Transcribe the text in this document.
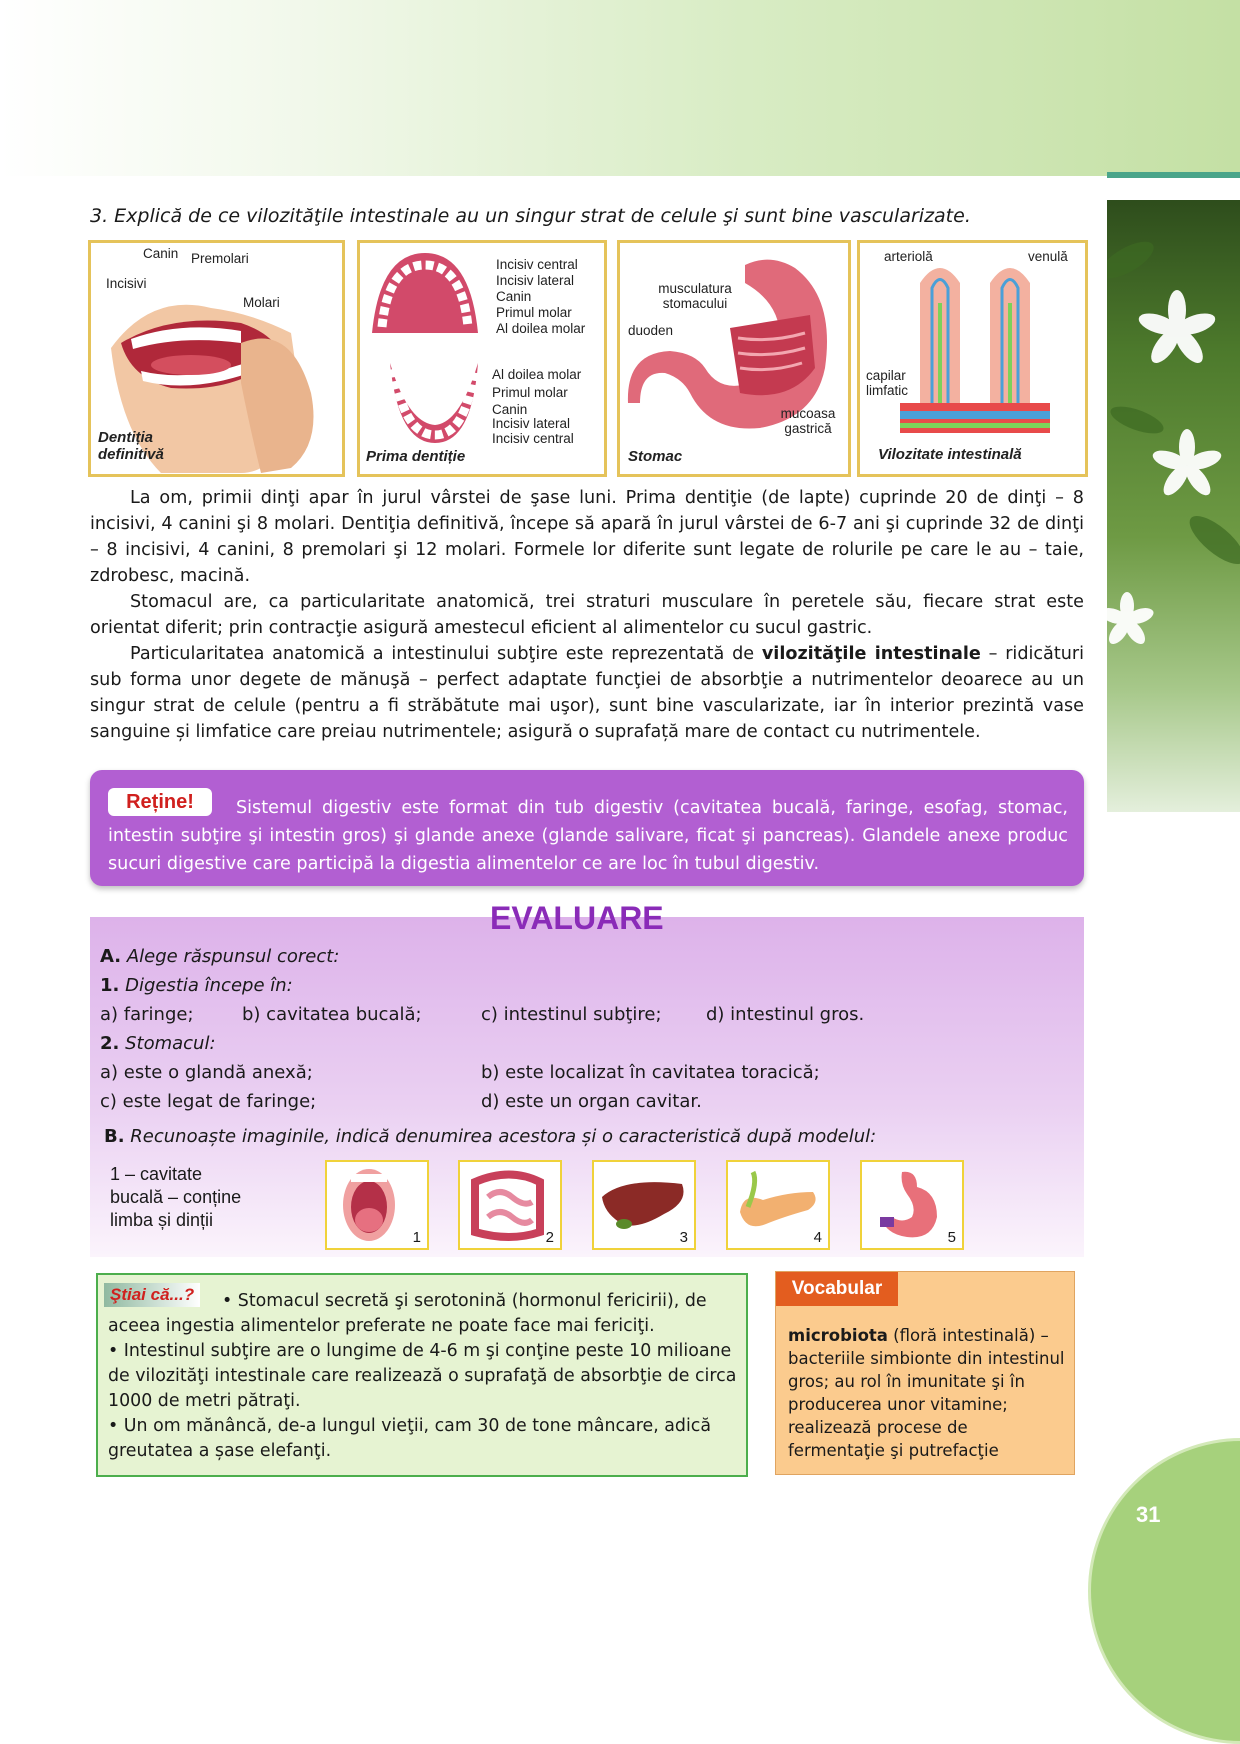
3. Explică de ce vilozităţile intestinale au un singur strat de celule şi sunt bine vascularizate.
Canin Premolari
Incisivi
Molari
Dentiția definitivă
Incisiv central
Incisiv lateral
Canin
Primul molar
Al doilea molar
Al doilea molar
Primul molar
Canin
Incisiv lateral
Incisiv central
Prima dentiție
musculatura stomacului
duoden
mucoasa gastrică
Stomac
arteriolă	venulă
capilar limfatic
Vilozitate intestinală

La om, primii dinţi apar în jurul vârstei de şase luni. Prima dentiţie (de lapte) cuprinde 20 de dinţi – 8 incisivi, 4 canini şi 8 molari. Dentiţia definitivă, începe să apară în jurul vârstei de 6-7 ani şi cuprinde 32 de dinţi – 8 incisivi, 4 canini, 8 premolari şi 12 molari. Formele lor diferite sunt legate de rolurile pe care le au – taie, zdrobesc, macină.

Stomacul are, ca particularitate anatomică, trei straturi musculare în peretele său, fiecare strat este orientat diferit; prin contracţie asigură amestecul eficient al alimentelor cu sucul gastric.

Particularitatea anatomică a intestinului subţire este reprezentată de vilozităţile intestinale – ridicături sub forma unor degete de mănuşă – perfect adaptate funcţiei de absorbţie a nutrimentelor deoarece au un singur strat de celule (pentru a fi străbătute mai uşor), sunt bine vascularizate, iar în interior prezintă vase sanguine și limfatice care preiau nutrimentele; asigură o suprafață mare de contact cu nutrimentele.

Sistemul digestiv este format din tub digestiv (cavitatea bucală, faringe, esofag, stomac, intestin subţire şi intestin gros) şi glande anexe (glande salivare, ficat şi pancreas). Glandele anexe produc sucuri digestive care participă la digestia alimentelor ce are loc în tubul digestiv.
Reține!
EVALUARE
A. Alege răspunsul corect:
1. Digestia începe în:
a) faringe;	b) cavitatea bucală;	c) intestinul subţire; d) intestinul gros.
2. Stomacul:
a) este o glandă anexă;	b) este localizat în cavitatea toracică;
c) este legat de faringe;	d) este un organ cavitar.
B. Recunoaște imaginile, indică denumirea acestora și o caracteristică după modelul:
1 – cavitate
bucală – conține
limba și dinții
1	2	3	4	5
• Stomacul secretă şi serotonină (hormonul fericirii), de aceea ingestia alimentelor preferate ne poate face mai fericiţi.
• Intestinul subţire are o lungime de 4-6 m şi conţine peste 10 milioane de vilozităţi intestinale care realizează o suprafaţă de absorbţie de circa 1000 de metri pătraţi.
• Un om mănâncă, de-a lungul vieţii, cam 30 de tone mâncare, adică greutatea a șase elefanţi.
Ştiai că...?	Vocabular
microbiota (floră intestinală) – bacteriile simbionte din intestinul gros; au rol în imunitate şi în producerea unor vitamine; realizează procese de fermentaţie şi putrefacţie
31
